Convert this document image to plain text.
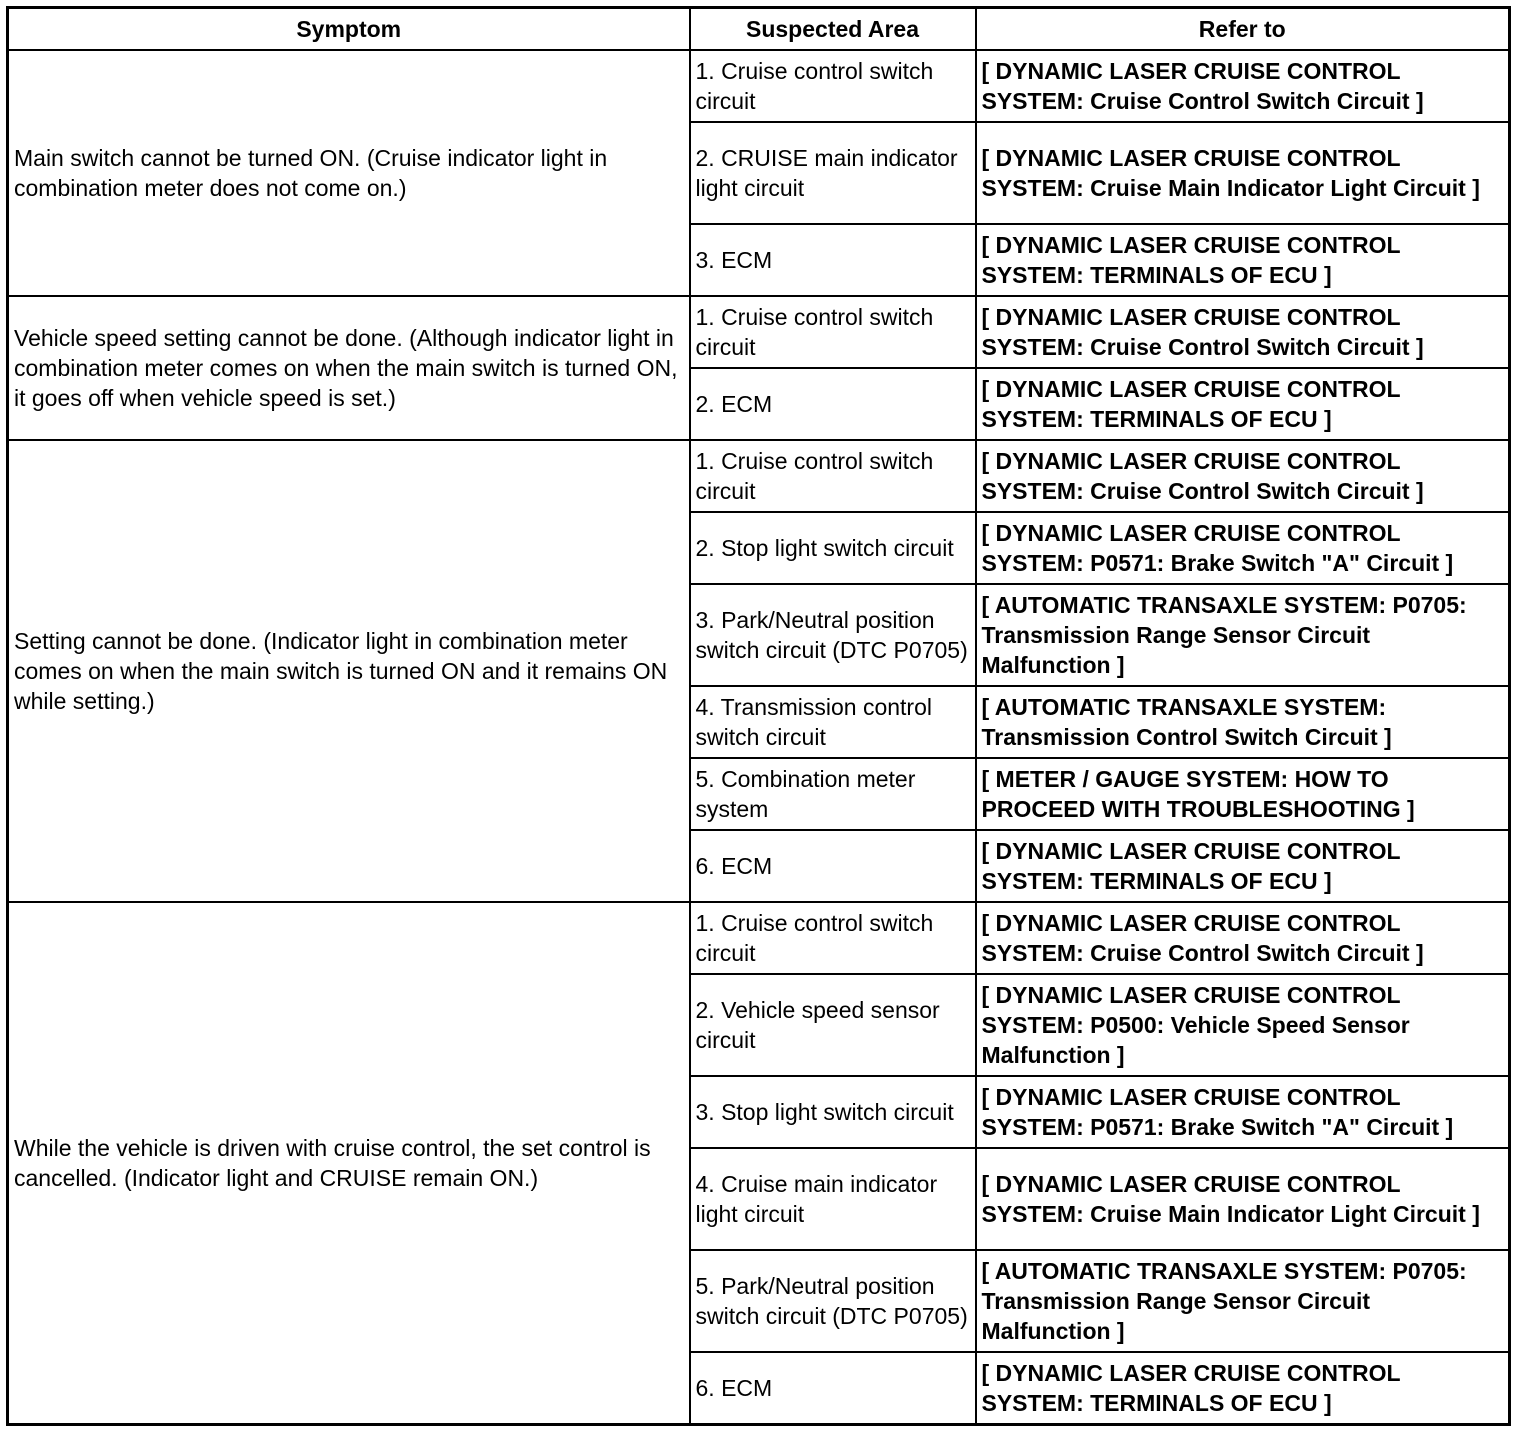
Symptom	Suspected Area	Refer to
Main switch cannot be turned ON. (Cruise indicator light in combination meter does not come on.)	1. Cruise control switch circuit	[ DYNAMIC LASER CRUISE CONTROL SYSTEM: Cruise Control Switch Circuit ]
	2. CRUISE main indicator light circuit	[ DYNAMIC LASER CRUISE CONTROL SYSTEM: Cruise Main Indicator Light Circuit ]
	3. ECM	[ DYNAMIC LASER CRUISE CONTROL SYSTEM: TERMINALS OF ECU ]
Vehicle speed setting cannot be done. (Although indicator light in combination meter comes on when the main switch is turned ON, it goes off when vehicle speed is set.)	1. Cruise control switch circuit	[ DYNAMIC LASER CRUISE CONTROL SYSTEM: Cruise Control Switch Circuit ]
	2. ECM	[ DYNAMIC LASER CRUISE CONTROL SYSTEM: TERMINALS OF ECU ]
Setting cannot be done. (Indicator light in combination meter comes on when the main switch is turned ON and it remains ON while setting.)	1. Cruise control switch circuit	[ DYNAMIC LASER CRUISE CONTROL SYSTEM: Cruise Control Switch Circuit ]
	2. Stop light switch circuit	[ DYNAMIC LASER CRUISE CONTROL SYSTEM: P0571: Brake Switch "A" Circuit ]
	3. Park/Neutral position switch circuit (DTC P0705)	[ AUTOMATIC TRANSAXLE SYSTEM: P0705: Transmission Range Sensor Circuit Malfunction ]
	4. Transmission control switch circuit	[ AUTOMATIC TRANSAXLE SYSTEM: Transmission Control Switch Circuit ]
	5. Combination meter system	[ METER / GAUGE SYSTEM: HOW TO PROCEED WITH TROUBLESHOOTING ]
	6. ECM	[ DYNAMIC LASER CRUISE CONTROL SYSTEM: TERMINALS OF ECU ]
While the vehicle is driven with cruise control, the set control is cancelled. (Indicator light and CRUISE remain ON.)	1. Cruise control switch circuit	[ DYNAMIC LASER CRUISE CONTROL SYSTEM: Cruise Control Switch Circuit ]
	2. Vehicle speed sensor circuit	[ DYNAMIC LASER CRUISE CONTROL SYSTEM: P0500: Vehicle Speed Sensor Malfunction ]
	3. Stop light switch circuit	[ DYNAMIC LASER CRUISE CONTROL SYSTEM: P0571: Brake Switch "A" Circuit ]
	4. Cruise main indicator light circuit	[ DYNAMIC LASER CRUISE CONTROL SYSTEM: Cruise Main Indicator Light Circuit ]
	5. Park/Neutral position switch circuit (DTC P0705)	[ AUTOMATIC TRANSAXLE SYSTEM: P0705: Transmission Range Sensor Circuit Malfunction ]
	6. ECM	[ DYNAMIC LASER CRUISE CONTROL SYSTEM: TERMINALS OF ECU ]
